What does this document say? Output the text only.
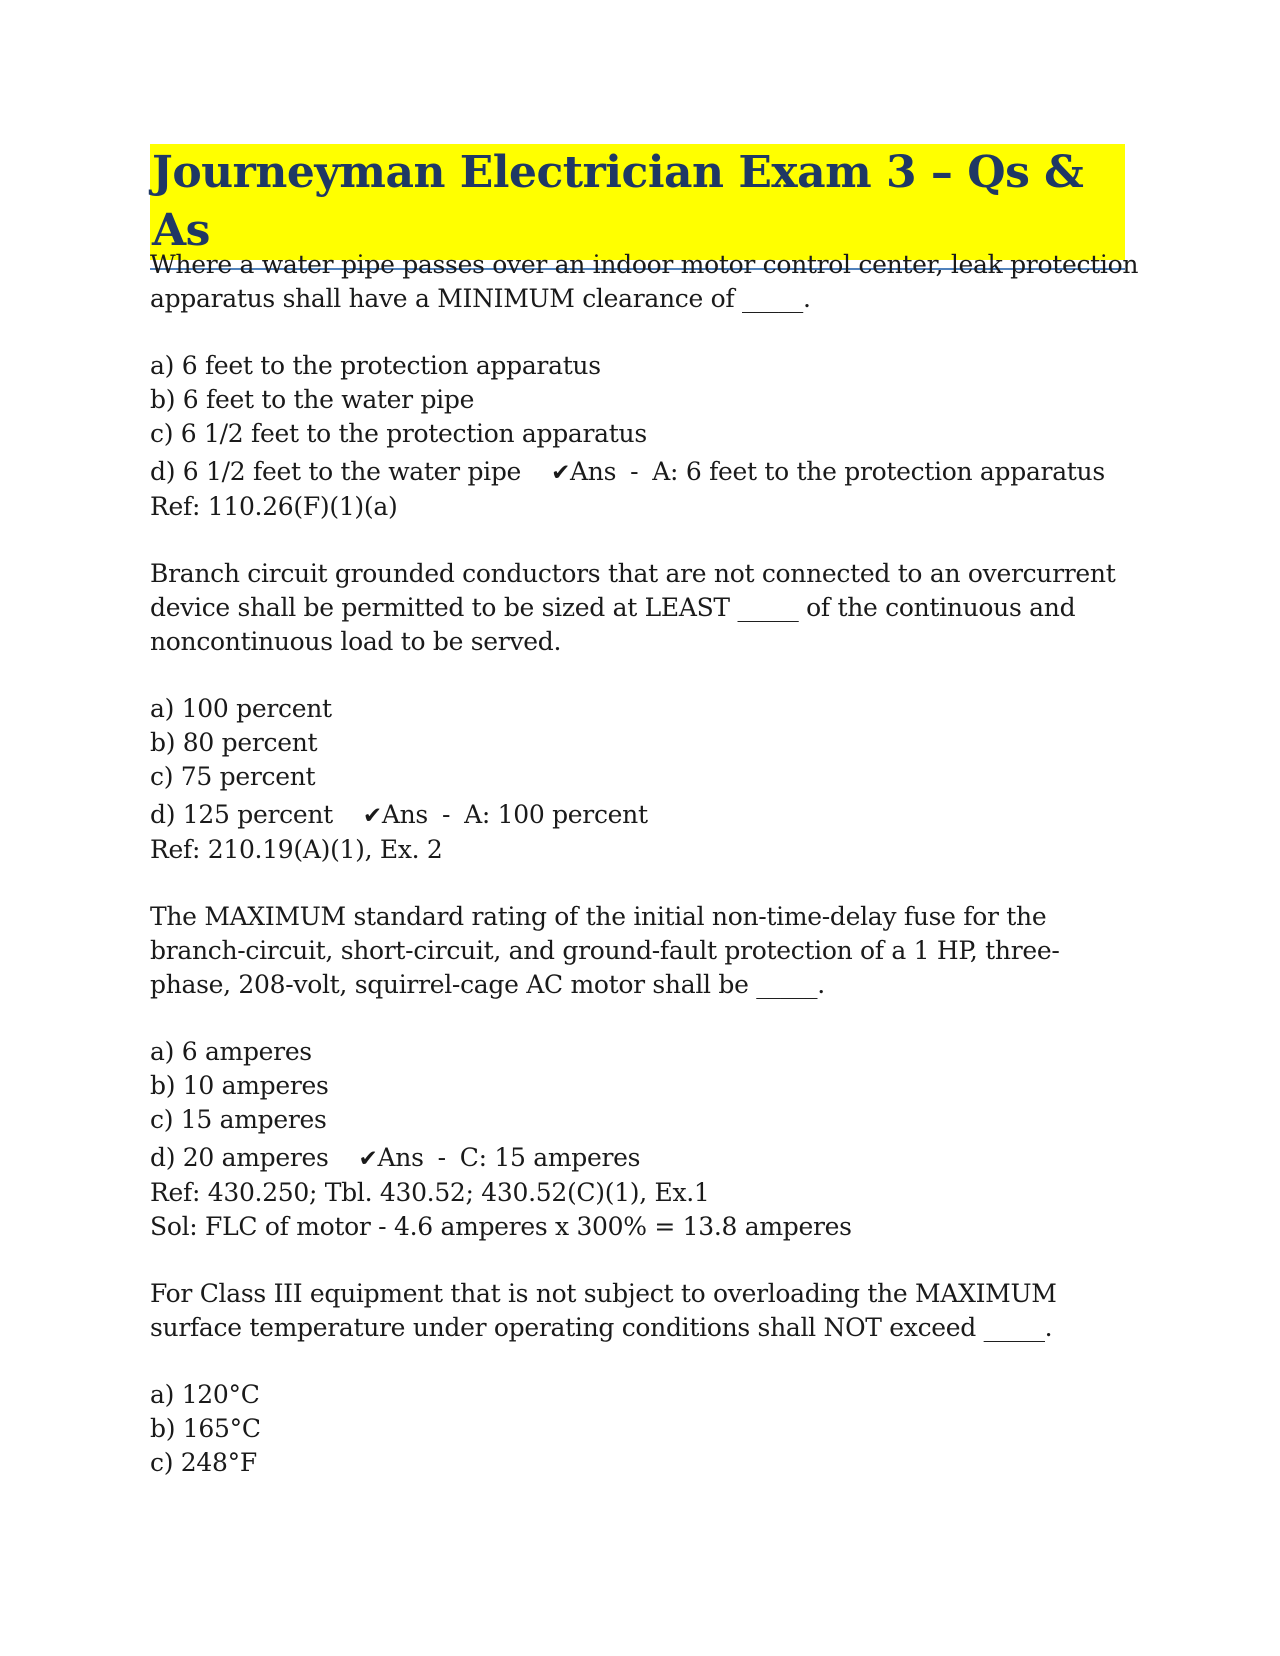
Journeyman Electrician Exam 3 – Qs & As

Where a water pipe passes over an indoor motor control center, leak protection apparatus shall have a MINIMUM clearance of _____.

a) 6 feet to the protection apparatus
b) 6 feet to the water pipe
c) 6 1/2 feet to the protection apparatus
d) 6 1/2 feet to the water pipe ✔Ans - A: 6 feet to the protection apparatus
Ref: 110.26(F)(1)(a)

Branch circuit grounded conductors that are not connected to an overcurrent device shall be permitted to be sized at LEAST _____ of the continuous and noncontinuous load to be served.

a) 100 percent
b) 80 percent
c) 75 percent
d) 125 percent ✔Ans - A: 100 percent
Ref: 210.19(A)(1), Ex. 2

The MAXIMUM standard rating of the initial non-time-delay fuse for the branch-circuit, short-circuit, and ground-fault protection of a 1 HP, three-phase, 208-volt, squirrel-cage AC motor shall be _____.

a) 6 amperes
b) 10 amperes
c) 15 amperes
d) 20 amperes ✔Ans - C: 15 amperes
Ref: 430.250; Tbl. 430.52; 430.52(C)(1), Ex.1
Sol: FLC of motor - 4.6 amperes x 300% = 13.8 amperes

For Class III equipment that is not subject to overloading the MAXIMUM surface temperature under operating conditions shall NOT exceed _____.

a) 120°C
b) 165°C
c) 248°F
